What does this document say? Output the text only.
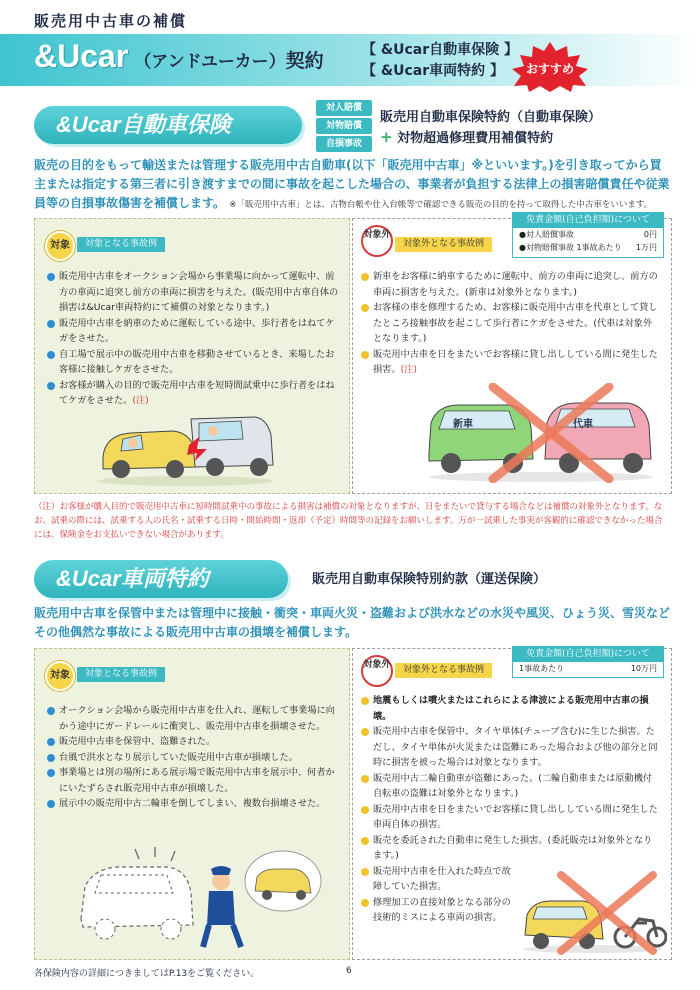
販売用中古車の補償
&Ucar （アンドユーカー）契約
【 &Ucar自動車保険 】
【 &Ucar車両特約 】	おすすめ
&Ucar自動車保険
対人賠償
対物賠償
自損事故
販売用自動車保険特約（自動車保険）
+ 対物超過修理費用補償特約
販売の目的をもって輸送または管理する販売用中古自動車(以下「販売用中古車」※といいます。)を引き取ってから買主または指定する第三者に引き渡すまでの間に事故を起こした場合の、事業者が負担する法律上の損害賠償責任や従業員等の自損事故傷害を補償します。 ※「販売用中古車」とは、古物台帳や仕入台帳等で確認できる販売の目的を持って取得した中古車をいいます。
対象	対象となる事故例
販売用中古車をオークション会場から事業場に向かって運転中、前方の車両に追突し前方の車両に損害を与えた。(販売用中古車自体の損害は&Ucar車両特約にて補償の対象となります。)
販売用中古車を納車のために運転している途中、歩行者をはねてケガをさせた。
自工場で展示中の販売用中古車を移動させているとき、来場したお客様に接触しケガをさせた。
お客様が購入の目的で販売用中古車を短時間試乗中に歩行者をはねてケガをさせた。(注)
対象外
対象外となる事故例
新車をお客様に納車するために運転中、前方の車両に追突し、前方の車両に損害を与えた。(新車は対象外となります。)
お客様の車を修理するため、お客様に販売用中古車を代車として貸したところ接触事故を起こして歩行者にケガをさせた。(代車は対象外となります。)
販売用中古車を日をまたいでお客様に貸し出ししている間に発生した損害。(注)
新車	代車
免責金額(自己負担額)について
●対人賠償事故	0円
●対物賠償事故 1事故あたり 1万円
（注）お客様が購入目的で販売用中古車に短時間試乗中の事故による損害は補償の対象となりますが、日をまたいで貸与する場合などは補償の対象外となります。なお、試乗の際には、試乗する人の氏名・試乗する日時・開始時間・返却（予定）時間等の記録をお願いします。万が一試乗した事実が客観的に確認できなかった場合には、保険金をお支払いできない場合があります。
&Ucar車両特約	販売用自動車保険特別約款（運送保険）
販売用中古車を保管中または管理中に接触・衝突・車両火災・盗難および洪水などの水災や風災、ひょう災、雪災などその他偶然な事故による販売用中古車の損壊を補償します。
対象	対象となる事故例
オークション会場から販売用中古車を仕入れ、運転して事業場に向かう途中にガードレールに衝突し、販売用中古車を損壊させた。
販売用中古車を保管中、盗難された。
台風で洪水となり展示していた販売用中古車が損壊した。
事業場とは別の場所にある展示場で販売用中古車を展示中、何者かにいたずらされ販売用中古車が損壊した。
展示中の販売用中古二輪車を倒してしまい、複数台損壊させた。
対象外	対象外となる事故例
地震もしくは噴火またはこれらによる津波による販売用中古車の損壊。
販売用中古車を保管中、タイヤ単体(チューブ含む)に生じた損害。ただし、タイヤ単体が火災または盗難にあった場合および他の部分と同時に損害を被った場合は対象となります。
販売用中古二輪自動車が盗難にあった。(二輪自動車または原動機付自転車の盗難は対象外となります。)
販売用中古車を日をまたいでお客様に貸し出ししている間に発生した車両自体の損害。
販売を委託された自動車に発生した損害。(委託販売は対象外となります。)
販売用中古車を仕入れた時点で故障していた損害。
修理加工の直接対象となる部分の技術的ミスによる車両の損害。
免責金額(自己負担額)について
1事故あたり	10万円
各保険内容の詳細につきましてはP.13をご覧ください。	6
